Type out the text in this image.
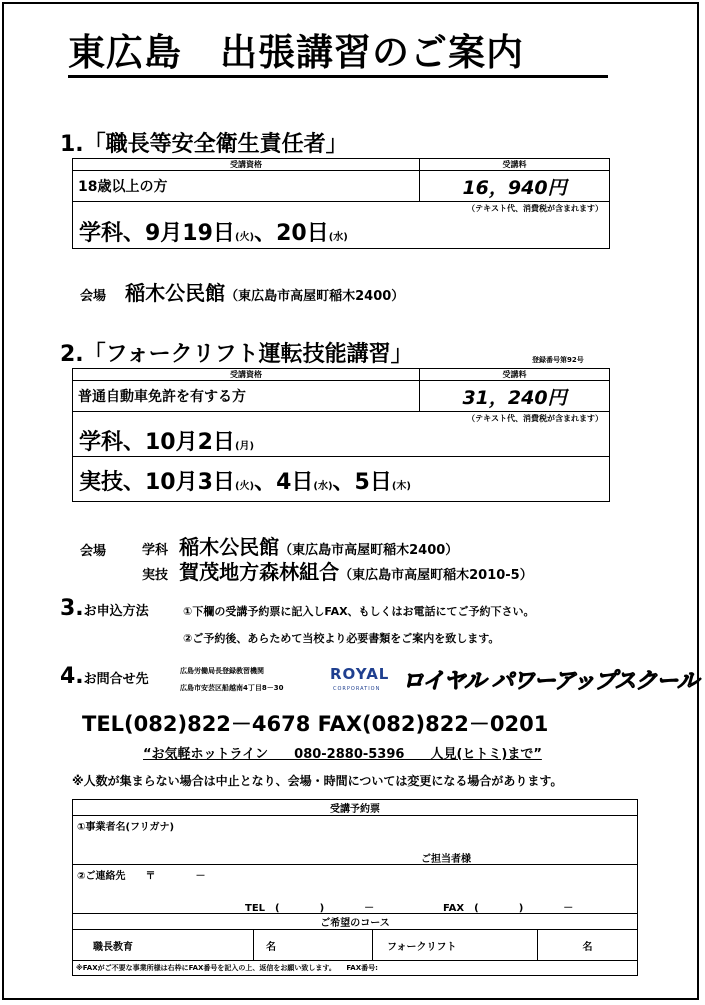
東広島　出張講習のご案内
1.「職長等安全衛生責任者」
受講資格	受講料
18歳以上の方	16，940円

（テキスト代、消費税が含まれます）
学科、9月19日(火)、20日(水)	
会場 稲木公民館（東広島市高屋町稲木2400）
2.「フォークリフト運転技能講習」	登録番号第92号
受講資格	受講料
普通自動車免許を有する方	31，240円

（テキスト代、消費税が含まれます）
学科、10月2日(月)	

実技、10月3日(火)、4日(水)、5日(木)	
会場	学科 稲木公民館（東広島市高屋町稲木2400）
実技 賀茂地方森林組合（東広島市高屋町稲木2010-5）
3.お申込方法	①下欄の受講予約票に記入しFAX、もしくはお電話にてご予約下さい。
②ご予約後、あらためて当校より必要書類をご案内を致します。
4.お問合せ先
広島労働局長登録教習機関
広島市安芸区船越南4丁目8－30
ROYAL
CORPORATION ロイヤル パワーアップスクール
TEL(082)822－4678 FAX(082)822－0201
“お気軽ホットライン　　080-2880-5396　　人見(ヒトミ)まで”
※人数が集まらない場合は中止となり、会場・時間については変更になる場合があります。
受講予約票

①事業者名(フリガナ)
ご担当者様

②ご連絡先　　〒　　　　－
TEL　(　　　　)　　　　－	FAX　(　　　　)　　　　－

ご希望のコース
職長教育	名	フォークリフト	名
※FAXがご不要な事業所様は右枠にFAX番号を記入の上、返信をお願い致します。　　FAX番号:
